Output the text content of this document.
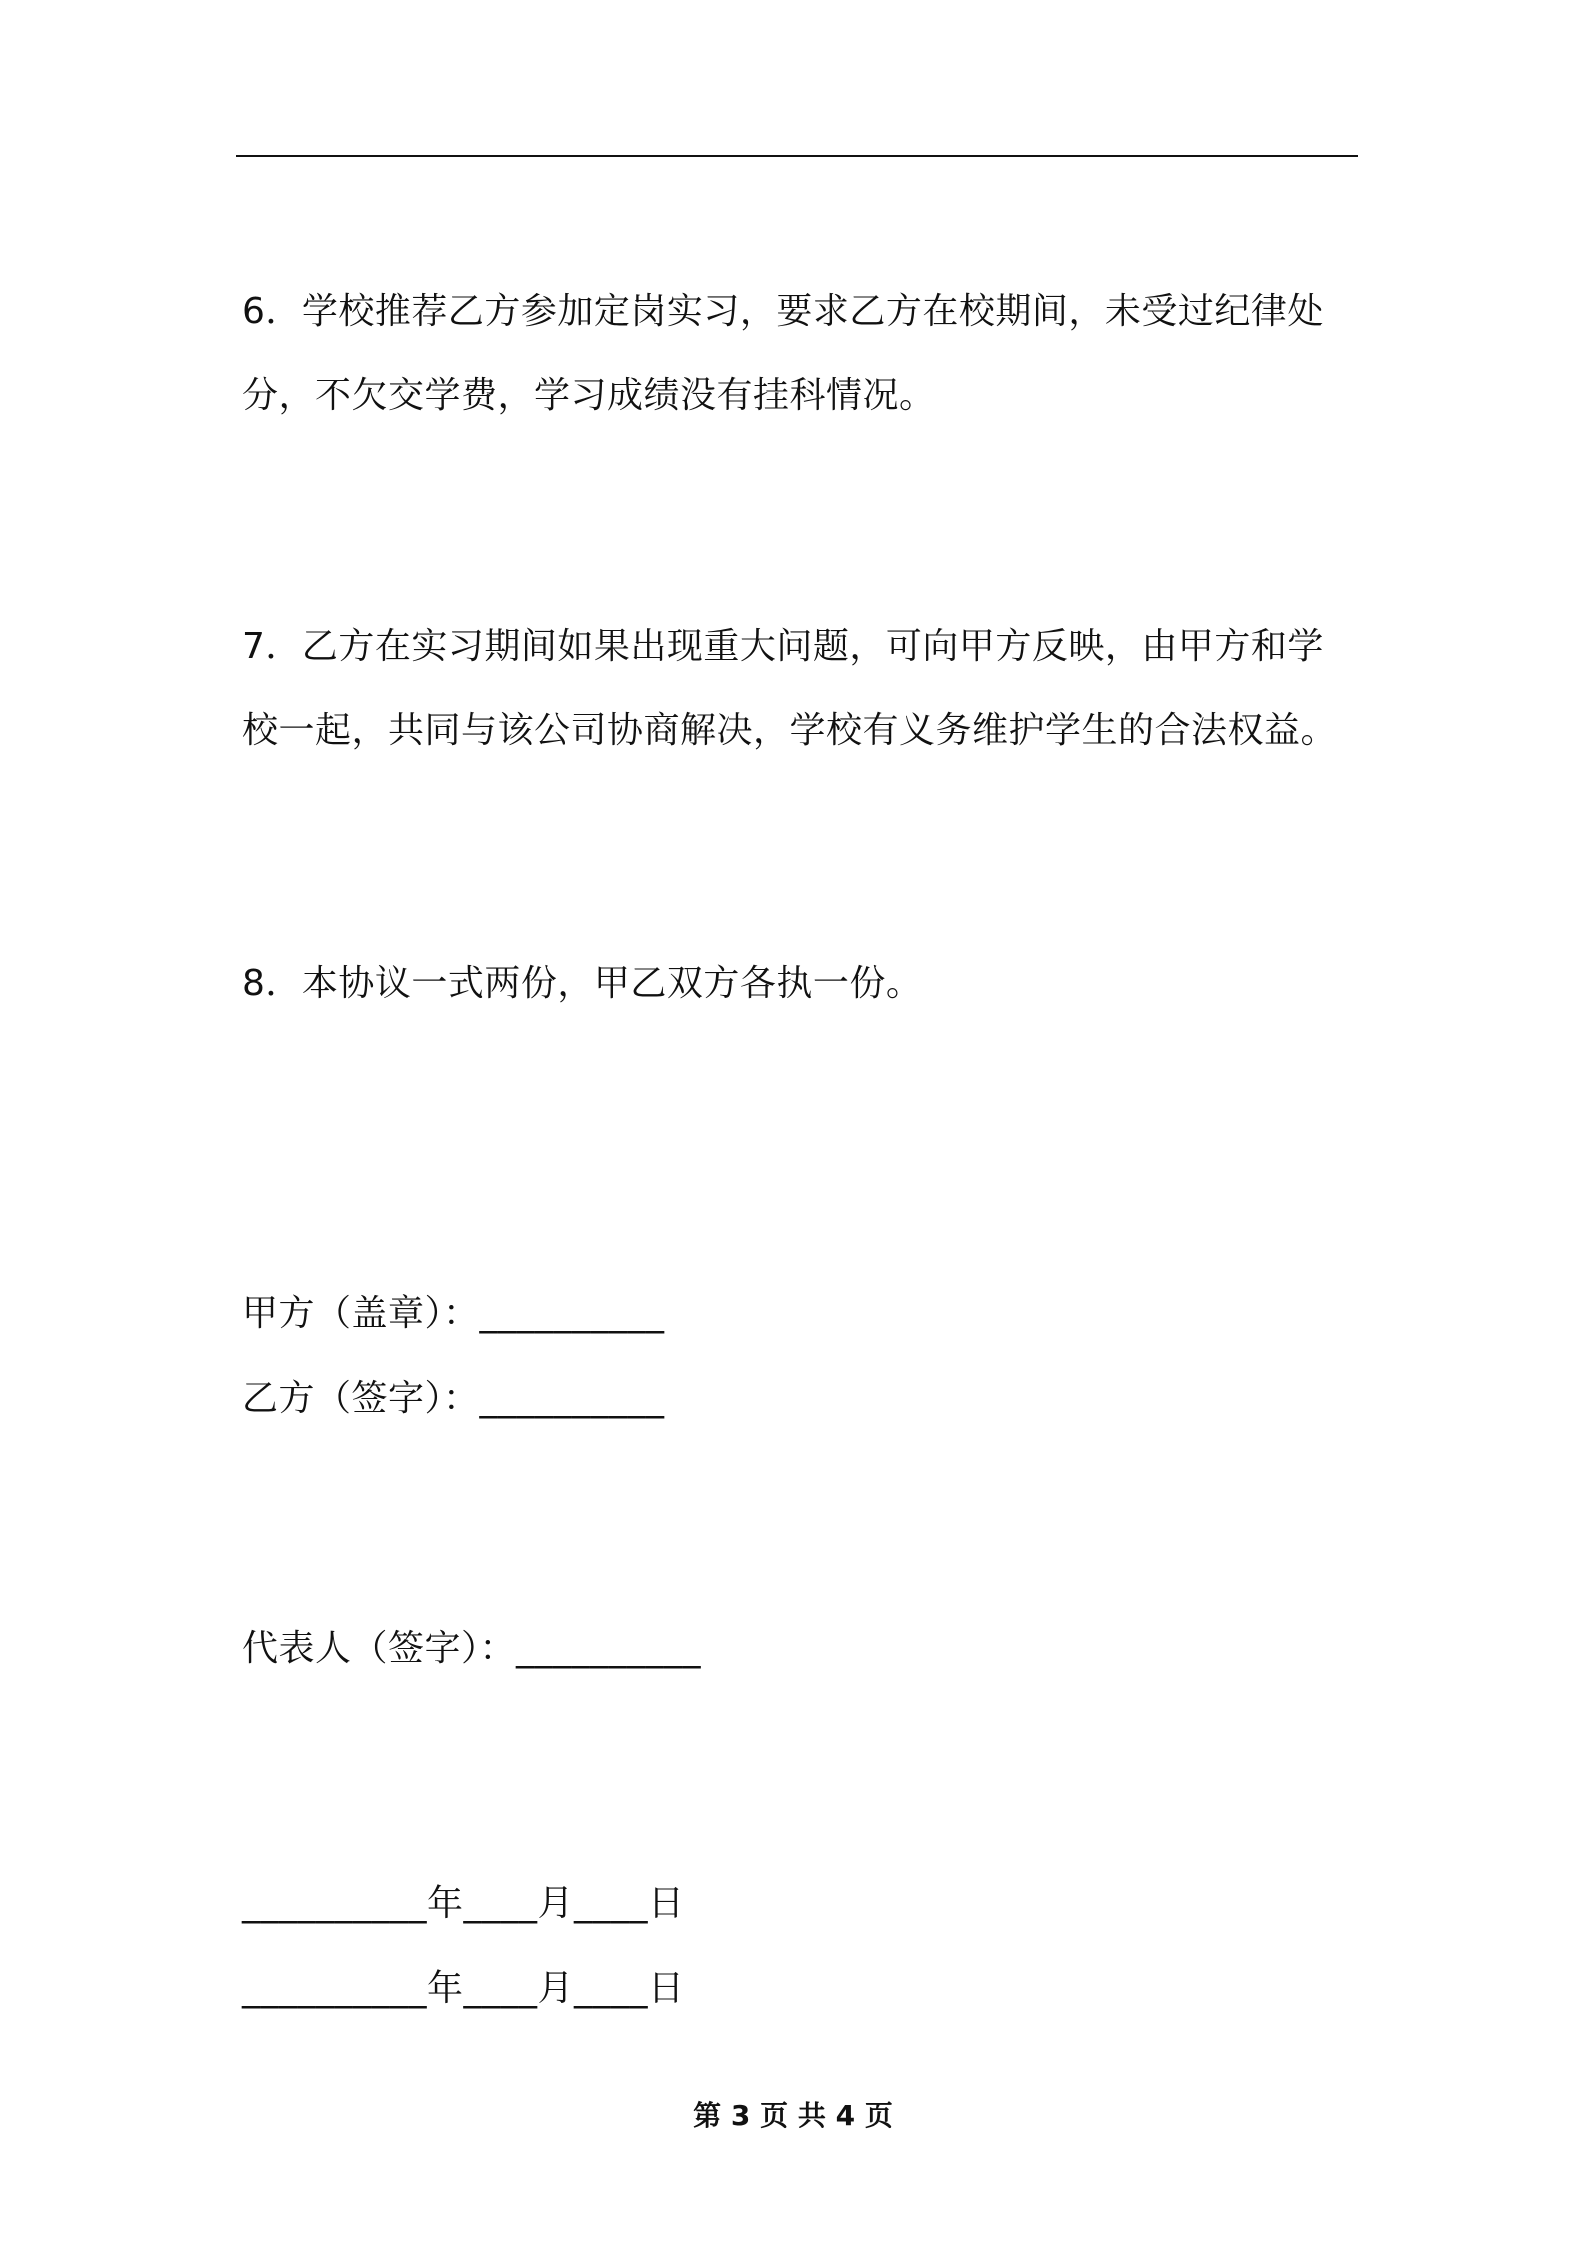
6．学校推荐乙方参加定岗实习，要求乙方在校期间，未受过纪律处分，不欠交学费，学习成绩没有挂科情况。

7．乙方在实习期间如果出现重大问题，可向甲方反映，由甲方和学校一起，共同与该公司协商解决，学校有义务维护学生的合法权益。

8．本协议一式两份，甲乙双方各执一份。

甲方（盖章）：__________

乙方（签字）：__________

代表人（签字）：__________

__________年____月____日

__________年____月____日

第 3 页 共 4 页
